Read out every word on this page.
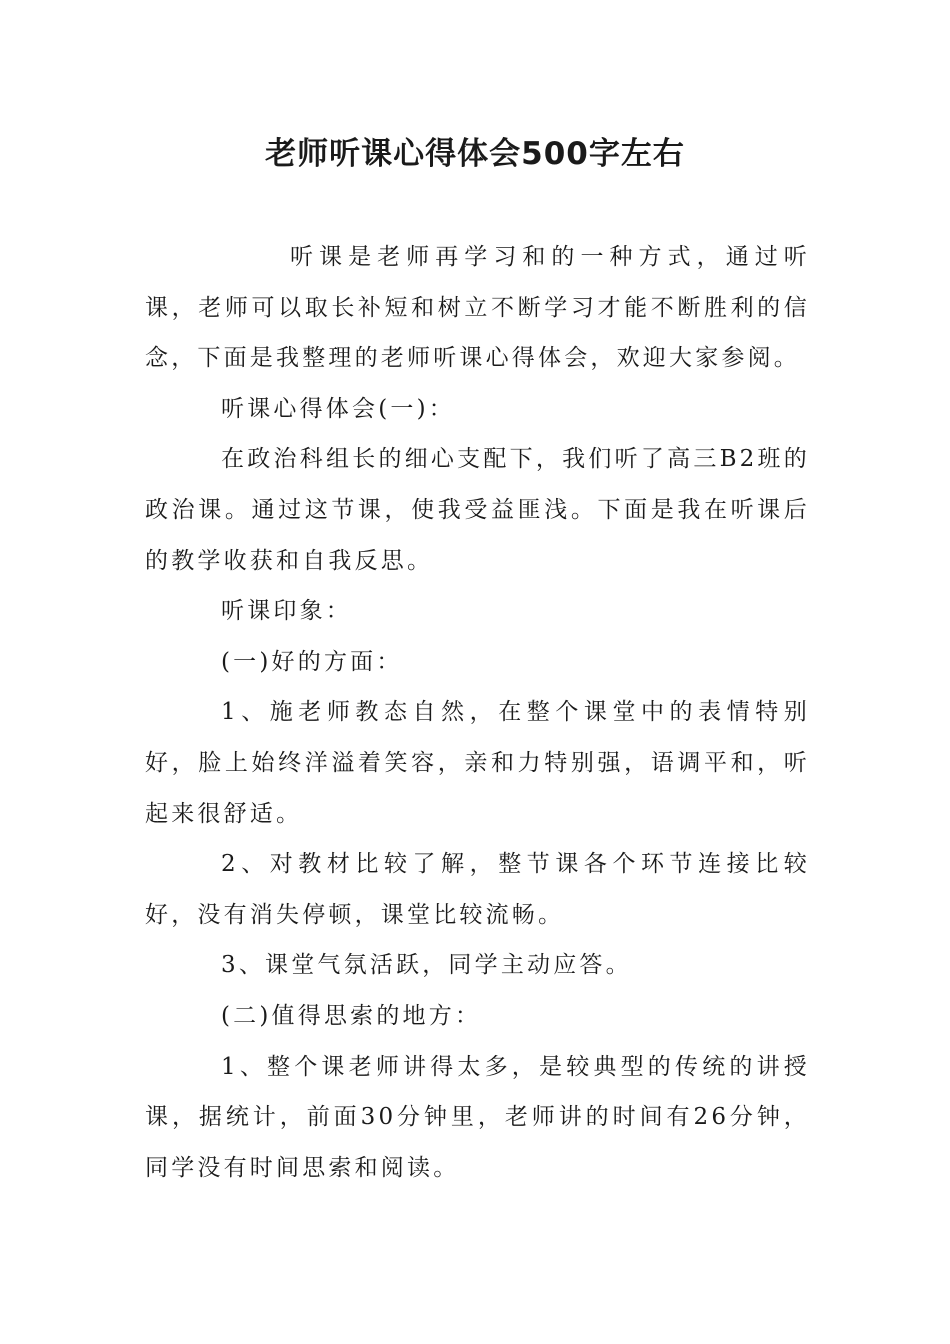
老师听课心得体会500字左右

听课是老师再学习和的一种方式，通过听课，老师可以取长补短和树立不断学习才能不断胜利的信念，下面是我整理的老师听课心得体会，欢迎大家参阅。

听课心得体会(一)：

在政治科组长的细心支配下，我们听了高三B2班的政治课。通过这节课，使我受益匪浅。下面是我在听课后的教学收获和自我反思。

听课印象：

(一)好的方面：

1、施老师教态自然，在整个课堂中的表情特别好，脸上始终洋溢着笑容，亲和力特别强，语调平和，听起来很舒适。

2、对教材比较了解，整节课各个环节连接比较好，没有消失停顿，课堂比较流畅。

3、课堂气氛活跃，同学主动应答。

(二)值得思索的地方：

1、整个课老师讲得太多，是较典型的传统的讲授课，据统计，前面30分钟里，老师讲的时间有26分钟，同学没有时间思索和阅读。
